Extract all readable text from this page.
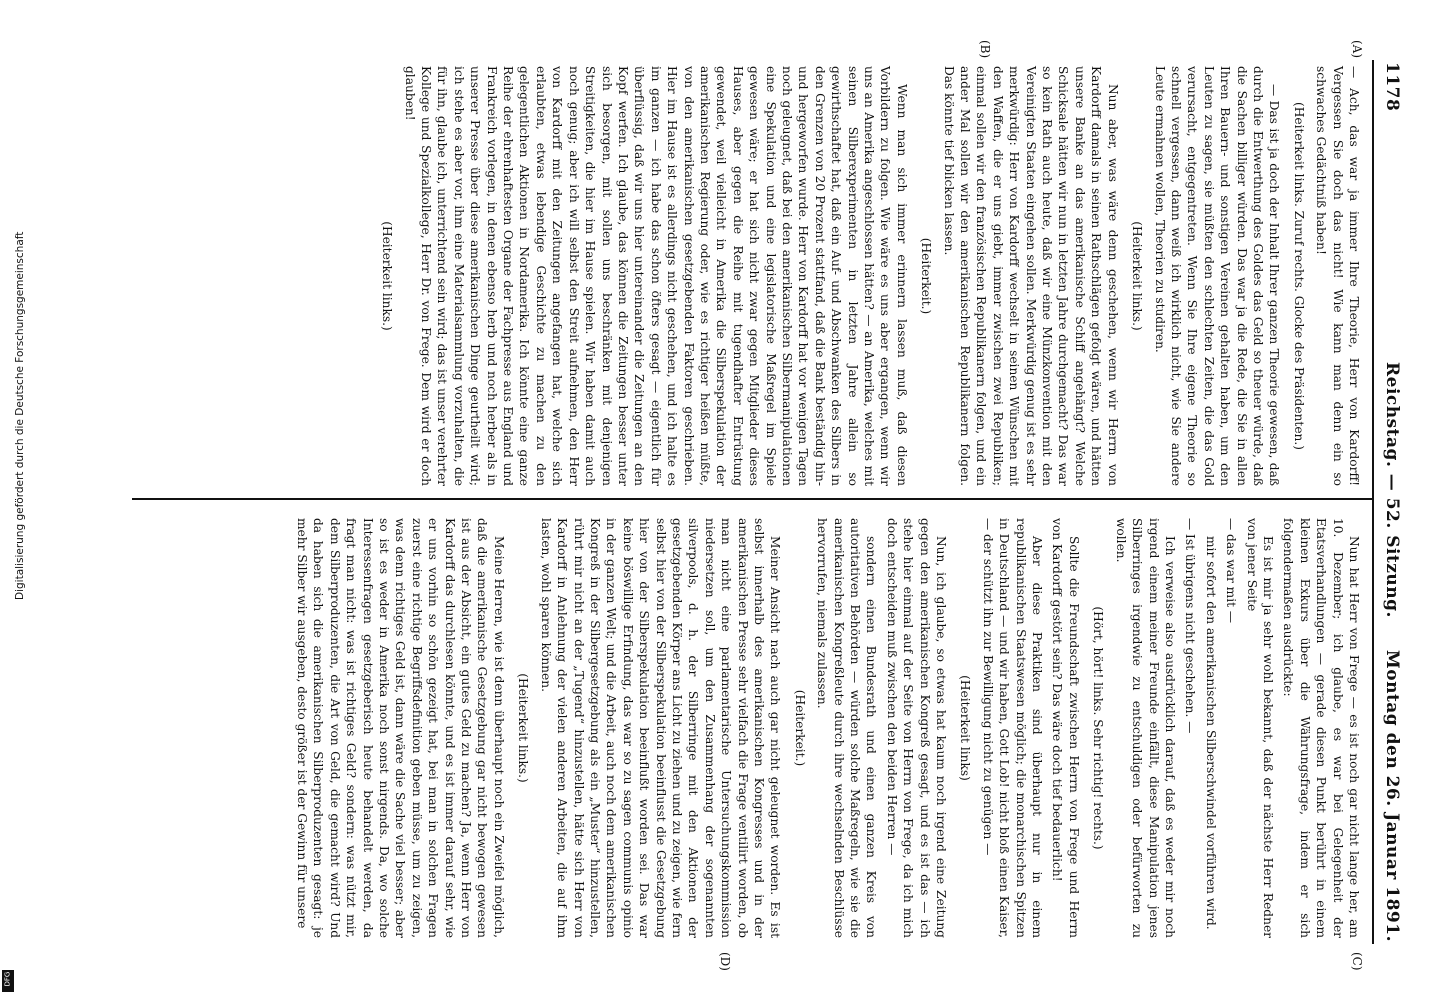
Digitalisierung gefördert durch die Deutsche Forschungsgemeinschaft
DFG
1178
Reichstag. — 52. Sitzung.
Montag den 26. Januar 1891.
(A)
(B)
(C)
(D)

— Ach, das war ja immer Ihre Theorie, Herr von Kardorff! Vergessen Sie doch das nicht! Wie kann man denn ein so schwaches Gedächtniß haben!

(Heiterkeit links. Zuruf rechts. Glocke des Präsidenten.)

— Das ist ja doch der Inhalt Ihrer ganzen Theorie gewesen, daß durch die Entwerthung des Goldes das Geld so theuer würde, daß die Sachen billiger würden. Das war ja die Rede, die Sie in allen Ihren Bauern- und sonstigen Vereinen gehalten haben, um den Leuten zu sagen, sie müßten den schlechten Zeiten, die das Gold verursacht, entgegentreten. Wenn Sie Ihre eigene Theorie so schnell vergessen, dann weiß ich wirklich nicht, wie Sie andere Leute ermahnen wollen, Theorien zu studiren.

(Heiterkeit links.)

Nun aber, was wäre denn geschehen, wenn wir Herrn von Kardorff damals in seinen Rathschlägen gefolgt wären, und hätten unsere Banke an das amerikanische Schiff angehängt? Welche Schicksale hätten wir nun in letzten Jahre durchgemacht? Das war so kein Rath auch heute, daß wir eine Münzkonvention mit den Vereinigten Staaten eingehen sollen. Merkwürdig genug ist es sehr merkwürdig: Herr von Kardorff wechselt in seinen Wünschen mit den Waffen, die er uns giebt, immer zwischen zwei Republiken; einmal sollen wir den französischen Republikanern folgen, und ein ander Mal sollen wir den amerikanischen Republikanern folgen. Das könnte tief blicken lassen.

(Heiterkeit.)

Wenn man sich immer erinnern lassen muß, daß diesen Vorbildern zu folgen. Wie wäre es uns aber ergangen, wenn wir uns an Amerika angeschlossen hätten? — an Amerika, welches mit seinen Silberexperimenten in letzten Jahre allein so gewirthschaftet hat, daß ein Auf- und Abschwanken des Silbers in den Grenzen von 20 Prozent stattfand, daß die Bank beständig hin- und hergeworfen wurde. Herr von Kardorff hat vor wenigen Tagen noch geleugnet, daß bei den amerikanischen Silbermanipulationen eine Spekulation und eine legislatorische Maßregel im Spiele gewesen wäre; er hat sich nicht zwar gegen Mitglieder dieses Hauses, aber gegen die Reihe mit tugendhafter Entrüstung gewendet, weil vielleicht in Amerika die Silberspekulation der amerikanischen Regierung oder, wie es richtiger heißen müßte, von den amerikanischen gesetzgebenden Faktoren geschrieben. Hier im Hause ist es allerdings nicht geschehen, und ich halte es im ganzen — ich habe das schon öfters gesagt — eigentlich für überflüssig, daß wir uns hier untereinander die Zeitungen an den Kopf werfen. Ich glaube, das können die Zeitungen besser unter sich besorgen, mit sollen uns beschränken mit denjenigen Streitigkeiten, die hier im Hause spielen. Wir haben damit auch noch genug; aber ich will selbst den Streit aufnehmen, den Herr von Kardorff mit den Zeitungen angefangen hat, welche sich erlaubten, etwas lebendige Geschichte zu machen zu den gelegentlichen Aktionen in Nordamerika. Ich könnte eine ganze Reihe der ehrenhaftesten Organe der Fachpresse aus England und Frankreich vorlegen, in denen ebenso herb und noch herber als in unserer Presse über diese amerikanischen Dinge geurtheilt wird; ich stehe es aber vor, ihm eine Materialsammlung vorzuhalten, die für ihn, glaube ich, unterrichtend sein wird; das ist unser verehrter Kollege und Spezialkollege, Herr Dr. von Frege. Dem wird er doch glauben!

(Heiterkeit links.)

Nun hat Herr von Frege — es ist noch gar nicht lange her, am 10. Dezember; ich glaube, es war bei Gelegenheit der Etatsverhandlungen — gerade diesen Punkt berührt in einem kleinen Exkurs über die Währungsfrage, indem er sich folgendermaßen ausdrückte:

Es ist mir ja sehr wohl bekannt, daß der nächste Herr Redner von jener Seite

— das war mit —

mir sofort den amerikanischen Silberschwindel vorführen wird.

— Ist übrigens nicht geschehen. —

Ich verweise also ausdrücklich darauf, daß es weder mir noch irgend einem meiner Freunde einfällt, diese Manipulation jenes Silberringes irgendwie zu entschuldigen oder befürworten zu wollen.

(Hört, hört! links. Sehr richtig! rechts.)

Sollte die Freundschaft zwischen Herrn von Frege und Herrn von Kardorff gestört sein? Das wäre doch tief bedauerlich!

Aber diese Praktiken sind überhaupt nur in einem republikanischen Staatswesen möglich; die monarchischen Spitzen in Deutschland — und wir haben, Gott Lob! nicht bloß einen Kaiser, — der schützt ihn zur Bewilligung nicht zu genügen —

(Heiterkeit links)

Nun, ich glaube, so etwas hat kaum noch irgend eine Zeitung gegen den amerikanischen Kongreß gesagt, und es ist das — ich stehe hier einmal auf der Seite von Herrn von Frege, da ich mich doch entscheiden muß zwischen den beiden Herren —

sondern einen Bundesrath und einen ganzen Kreis von autoritativen Behörden — würden solche Maßregeln, wie sie die amerikanischen Kongreßleute durch ihre wechselnden Beschlüsse hervorrufen, niemals zulassen.

(Heiterkeit.)

Meiner Ansicht nach auch gar nicht geleugnet worden. Es ist selbst innerhalb des amerikanischen Kongresses und in der amerikanischen Presse sehr vielfach die Frage ventilirt worden, ob man nicht eine parlamentarische Untersuchungskommission niedersetzen soll, um den Zusammenhang der sogenannten silverpools, d. h. der Silberringe mit den Aktionen der gesetzgebenden Körper ans Licht zu ziehen und zu zeigen, wie fern selbst hier von der Silberspekulation beeinflusst die Gesetzgebung hier von der Silberspekulation beeinflußt worden sei. Das war keine böswillige Erfindung, das war so zu sagen communis opinio in der ganzen Welt; und die Arbeit, auch noch dem amerikanischen Kongreß in der Silbergesetzgebung als ein „Muster“ hinzustellen, rührt mir nicht an der „Tugend“ hinzustellen, hätte sich Herr von Kardorff in Anlehnung der vielen anderen Arbeiten, die auf ihm lasten, wohl sparen können.

(Heiterkeit links.)

Meine Herren, wie ist denn überhaupt noch ein Zweifel möglich, daß die amerikanische Gesetzgebung gar nicht bewogen gewesen ist aus der Absicht, ein gutes Geld zu machen? Ja, wenn Herr von Kardorff das durchlesen könnte, und es ist immer darauf sehr, wie er uns vorhin so schön gezeigt hat, bei man in solchen Fragen zuerst eine richtige Begriffsdefinition geben müsse, um zu zeigen, was denn richtiges Geld ist, dann wäre die Sache viel besser; aber so ist es weder in Amerika noch sonst nirgends. Da, wo solche Interessenfragen gesetzgeberisch heute behandelt werden, da fragt man nicht: was ist richtiges Geld? sondern: was nützt mir, dem Silberproduzenten, die Art von Geld, die gemacht wird? Und da haben sich die amerikanischen Silberproduzenten gesagt: je mehr Silber wir ausgeben, desto größer ist der Gewinn für unsere
